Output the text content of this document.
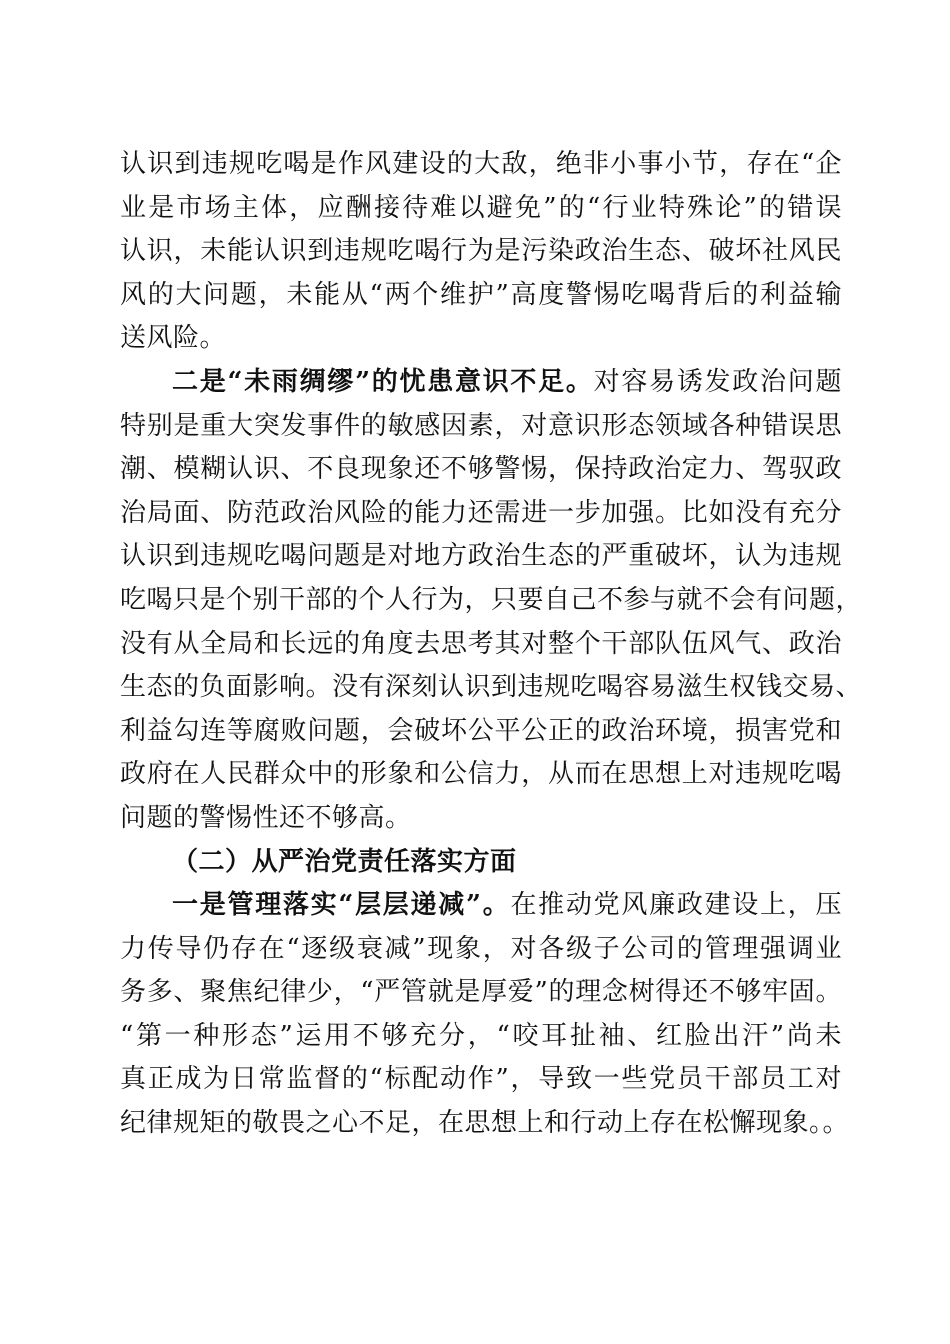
认识到违规吃喝是作风建设的大敌，绝非小事小节，存在“企
业是市场主体，应酬接待难以避免”的“行业特殊论”的错误
认识，未能认识到违规吃喝行为是污染政治生态、破坏社风民
风的大问题，未能从“两个维护”高度警惕吃喝背后的利益输
送风险。
二是“未雨绸缪”的忧患意识不足。对容易诱发政治问题
特别是重大突发事件的敏感因素，对意识形态领域各种错误思
潮、模糊认识、不良现象还不够警惕，保持政治定力、驾驭政
治局面、防范政治风险的能力还需进一步加强。比如没有充分
认识到违规吃喝问题是对地方政治生态的严重破坏，认为违规
吃喝只是个别干部的个人行为，只要自己不参与就不会有问题，
没有从全局和长远的角度去思考其对整个干部队伍风气、政治
生态的负面影响。没有深刻认识到违规吃喝容易滋生权钱交易、
利益勾连等腐败问题，会破坏公平公正的政治环境，损害党和
政府在人民群众中的形象和公信力，从而在思想上对违规吃喝
问题的警惕性还不够高。
（二）从严治党责任落实方面
一是管理落实“层层递减”。在推动党风廉政建设上，压
力传导仍存在“逐级衰减”现象，对各级子公司的管理强调业
务多、聚焦纪律少，“严管就是厚爱”的理念树得还不够牢固。
“第一种形态”运用不够充分，“咬耳扯袖、红脸出汗”尚未
真正成为日常监督的“标配动作”，导致一些党员干部员工对
纪律规矩的敬畏之心不足，在思想上和行动上存在松懈现象。。
